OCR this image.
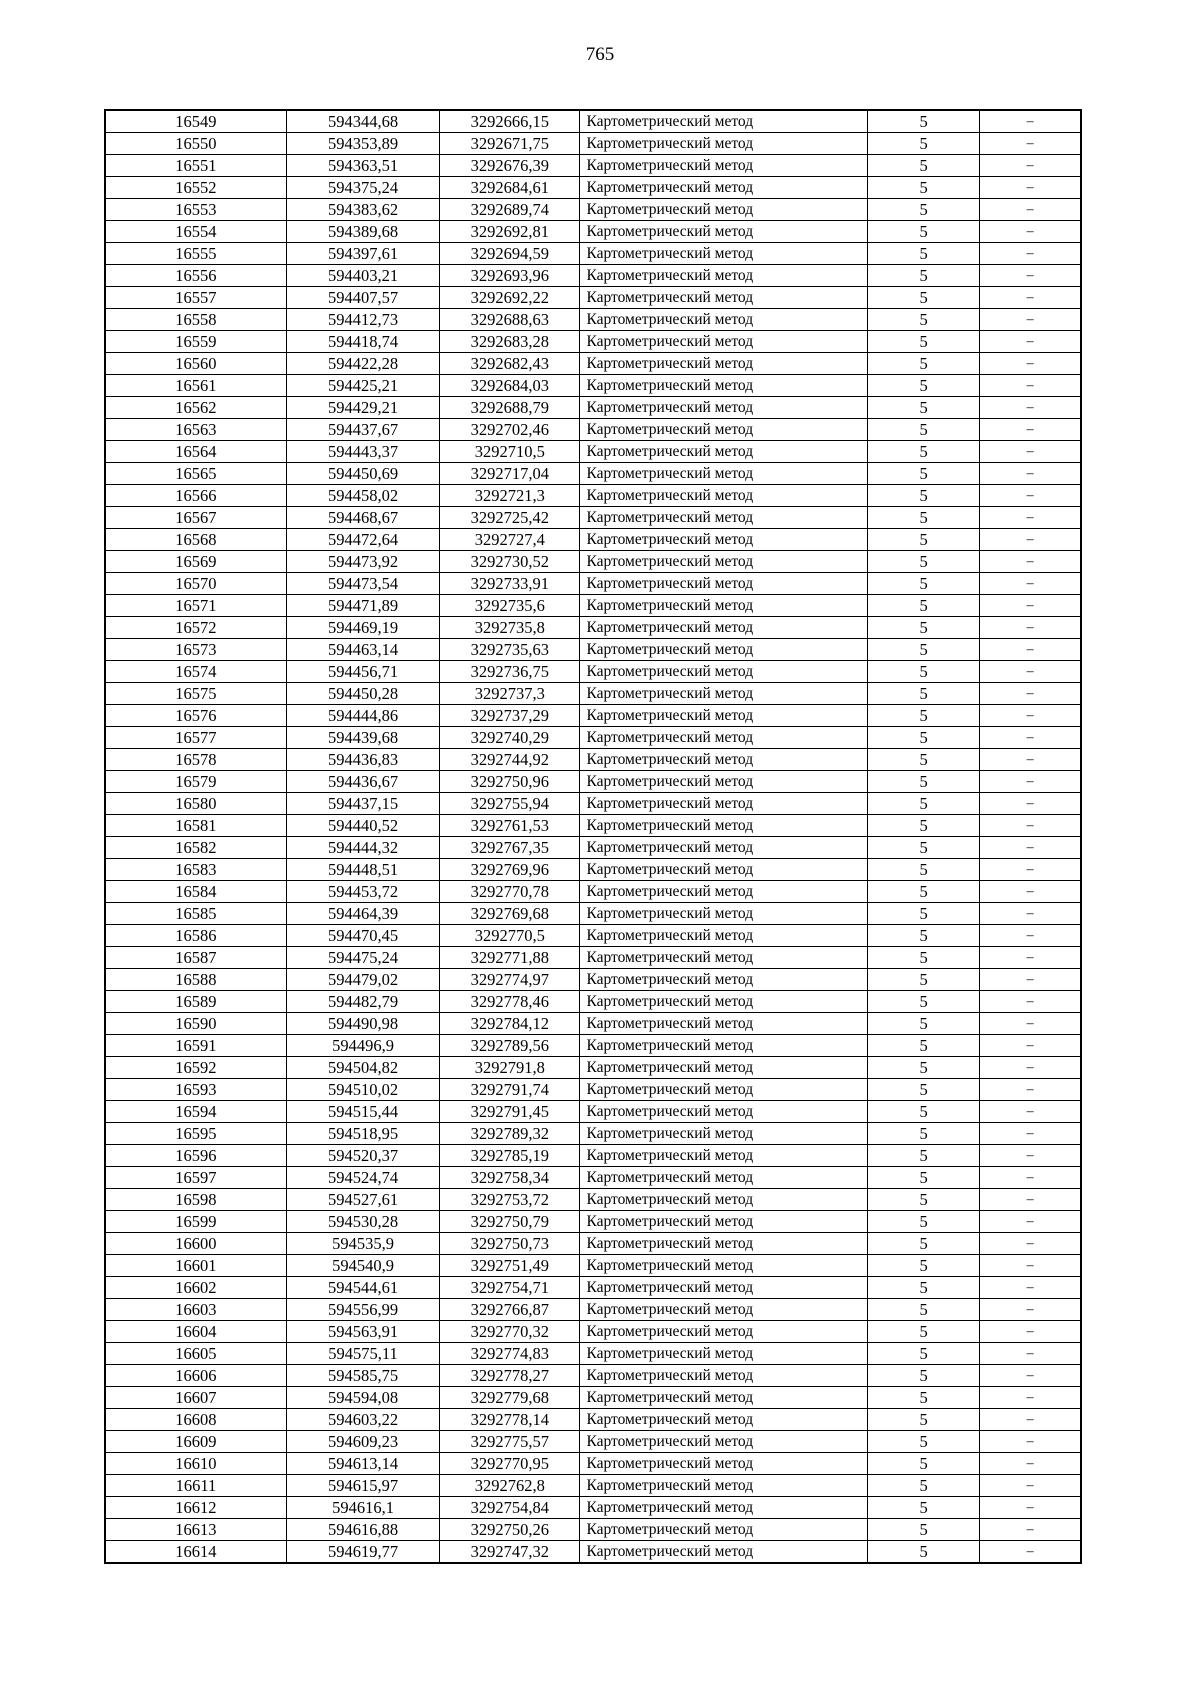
765
16549	594344,68	3292666,15	Картометрический метод	5	–
16550	594353,89	3292671,75	Картометрический метод	5	–
16551	594363,51	3292676,39	Картометрический метод	5	–
16552	594375,24	3292684,61	Картометрический метод	5	–
16553	594383,62	3292689,74	Картометрический метод	5	–
16554	594389,68	3292692,81	Картометрический метод	5	–
16555	594397,61	3292694,59	Картометрический метод	5	–
16556	594403,21	3292693,96	Картометрический метод	5	–
16557	594407,57	3292692,22	Картометрический метод	5	–
16558	594412,73	3292688,63	Картометрический метод	5	–
16559	594418,74	3292683,28	Картометрический метод	5	–
16560	594422,28	3292682,43	Картометрический метод	5	–
16561	594425,21	3292684,03	Картометрический метод	5	–
16562	594429,21	3292688,79	Картометрический метод	5	–
16563	594437,67	3292702,46	Картометрический метод	5	–
16564	594443,37	3292710,5	Картометрический метод	5	–
16565	594450,69	3292717,04	Картометрический метод	5	–
16566	594458,02	3292721,3	Картометрический метод	5	–
16567	594468,67	3292725,42	Картометрический метод	5	–
16568	594472,64	3292727,4	Картометрический метод	5	–
16569	594473,92	3292730,52	Картометрический метод	5	–
16570	594473,54	3292733,91	Картометрический метод	5	–
16571	594471,89	3292735,6	Картометрический метод	5	–
16572	594469,19	3292735,8	Картометрический метод	5	–
16573	594463,14	3292735,63	Картометрический метод	5	–
16574	594456,71	3292736,75	Картометрический метод	5	–
16575	594450,28	3292737,3	Картометрический метод	5	–
16576	594444,86	3292737,29	Картометрический метод	5	–
16577	594439,68	3292740,29	Картометрический метод	5	–
16578	594436,83	3292744,92	Картометрический метод	5	–
16579	594436,67	3292750,96	Картометрический метод	5	–
16580	594437,15	3292755,94	Картометрический метод	5	–
16581	594440,52	3292761,53	Картометрический метод	5	–
16582	594444,32	3292767,35	Картометрический метод	5	–
16583	594448,51	3292769,96	Картометрический метод	5	–
16584	594453,72	3292770,78	Картометрический метод	5	–
16585	594464,39	3292769,68	Картометрический метод	5	–
16586	594470,45	3292770,5	Картометрический метод	5	–
16587	594475,24	3292771,88	Картометрический метод	5	–
16588	594479,02	3292774,97	Картометрический метод	5	–
16589	594482,79	3292778,46	Картометрический метод	5	–
16590	594490,98	3292784,12	Картометрический метод	5	–
16591	594496,9	3292789,56	Картометрический метод	5	–
16592	594504,82	3292791,8	Картометрический метод	5	–
16593	594510,02	3292791,74	Картометрический метод	5	–
16594	594515,44	3292791,45	Картометрический метод	5	–
16595	594518,95	3292789,32	Картометрический метод	5	–
16596	594520,37	3292785,19	Картометрический метод	5	–
16597	594524,74	3292758,34	Картометрический метод	5	–
16598	594527,61	3292753,72	Картометрический метод	5	–
16599	594530,28	3292750,79	Картометрический метод	5	–
16600	594535,9	3292750,73	Картометрический метод	5	–
16601	594540,9	3292751,49	Картометрический метод	5	–
16602	594544,61	3292754,71	Картометрический метод	5	–
16603	594556,99	3292766,87	Картометрический метод	5	–
16604	594563,91	3292770,32	Картометрический метод	5	–
16605	594575,11	3292774,83	Картометрический метод	5	–
16606	594585,75	3292778,27	Картометрический метод	5	–
16607	594594,08	3292779,68	Картометрический метод	5	–
16608	594603,22	3292778,14	Картометрический метод	5	–
16609	594609,23	3292775,57	Картометрический метод	5	–
16610	594613,14	3292770,95	Картометрический метод	5	–
16611	594615,97	3292762,8	Картометрический метод	5	–
16612	594616,1	3292754,84	Картометрический метод	5	–
16613	594616,88	3292750,26	Картометрический метод	5	–
16614	594619,77	3292747,32	Картометрический метод	5	–
